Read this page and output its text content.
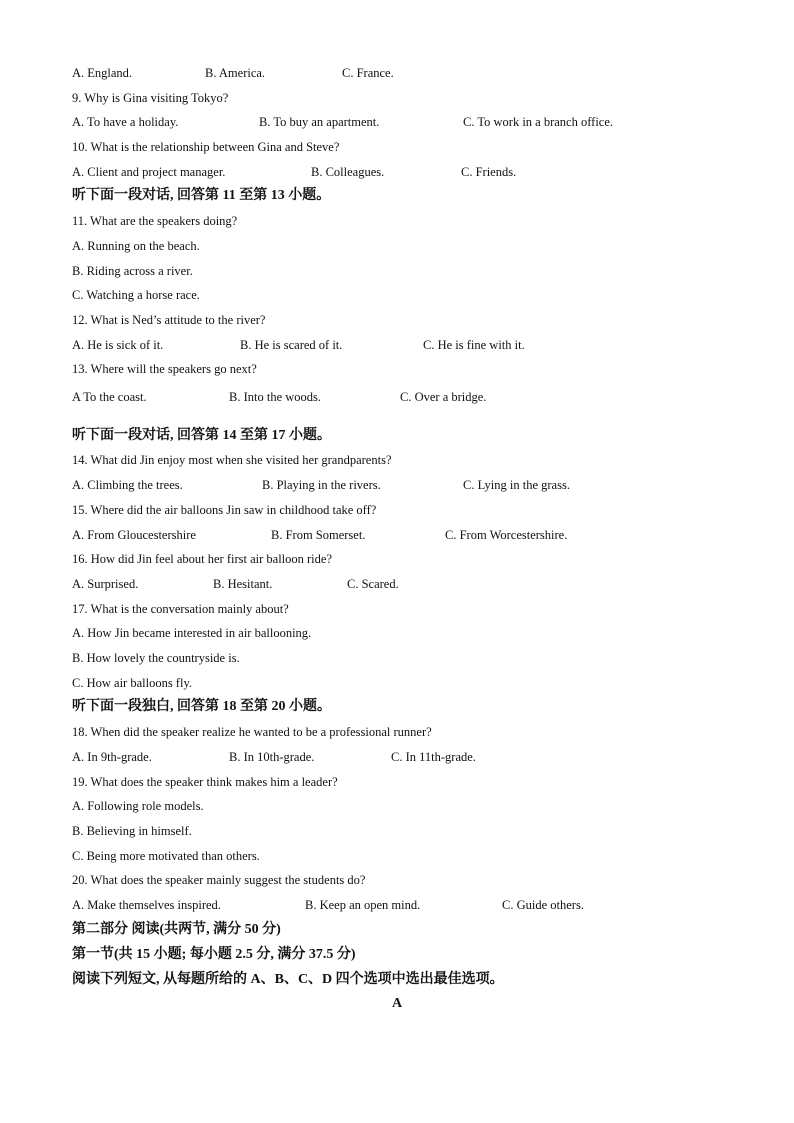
A. England.	B. America.	C. France.
9. Why is Gina visiting Tokyo?
A. To have a holiday.	B. To buy an apartment.	C. To work in a branch office.
10. What is the relationship between Gina and Steve?
A. Client and project manager.	B. Colleagues.	C. Friends.
听下面一段对话, 回答第 11 至第 13 小题。
11. What are the speakers doing?
A. Running on the beach.
B. Riding across a river.
C. Watching a horse race.
12. What is Ned’s attitude to the river?
A. He is sick of it.	B. He is scared of it.	C. He is fine with it.
13. Where will the speakers go next?
A To the coast.	B. Into the woods.	C. Over a bridge.
听下面一段对话, 回答第 14 至第 17 小题。
14. What did Jin enjoy most when she visited her grandparents?
A. Climbing the trees.	B. Playing in the rivers.	C. Lying in the grass.
15. Where did the air balloons Jin saw in childhood take off?
A. From Gloucestershire	B. From Somerset.	C. From Worcestershire.
16. How did Jin feel about her first air balloon ride?
A. Surprised.	B. Hesitant.	C. Scared.
17. What is the conversation mainly about?
A. How Jin became interested in air ballooning.
B. How lovely the countryside is.
C. How air balloons fly.
听下面一段独白, 回答第 18 至第 20 小题。
18. When did the speaker realize he wanted to be a professional runner?
A. In 9th-grade.	B. In 10th-grade.	C. In 11th-grade.
19. What does the speaker think makes him a leader?
A. Following role models.
B. Believing in himself.
C. Being more motivated than others.
20. What does the speaker mainly suggest the students do?
A. Make themselves inspired.	B. Keep an open mind.	C. Guide others.
第二部分 阅读(共两节, 满分 50 分)
第一节(共 15 小题; 每小题 2.5 分, 满分 37.5 分)
阅读下列短文, 从每题所给的 A、B、C、D 四个选项中选出最佳选项。
A
